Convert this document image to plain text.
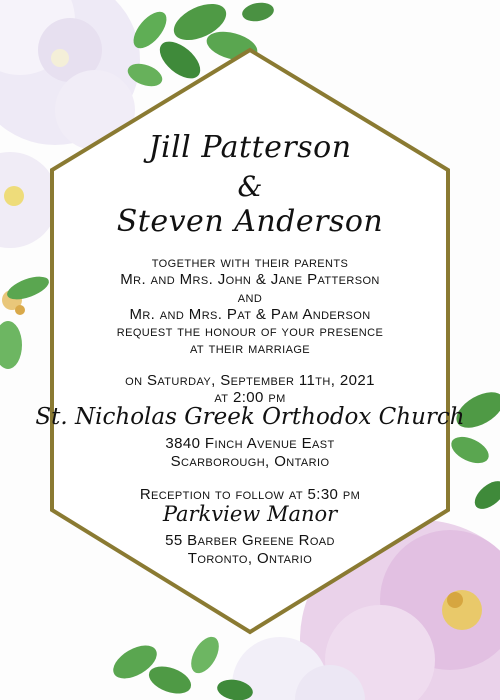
Jill Patterson
&
Steven Anderson
together with their parents
Mr. and Mrs. John & Jane Patterson
and
Mr. and Mrs. Pat & Pam Anderson
request the honour of your presence
at their marriage
on Saturday, September 11th, 2021
at 2:00 pm
St. Nicholas Greek Orthodox Church
3840 Finch Avenue East
Scarborough, Ontario
Reception to follow at 5:30 pm
Parkview Manor
55 Barber Greene Road
Toronto, Ontario
